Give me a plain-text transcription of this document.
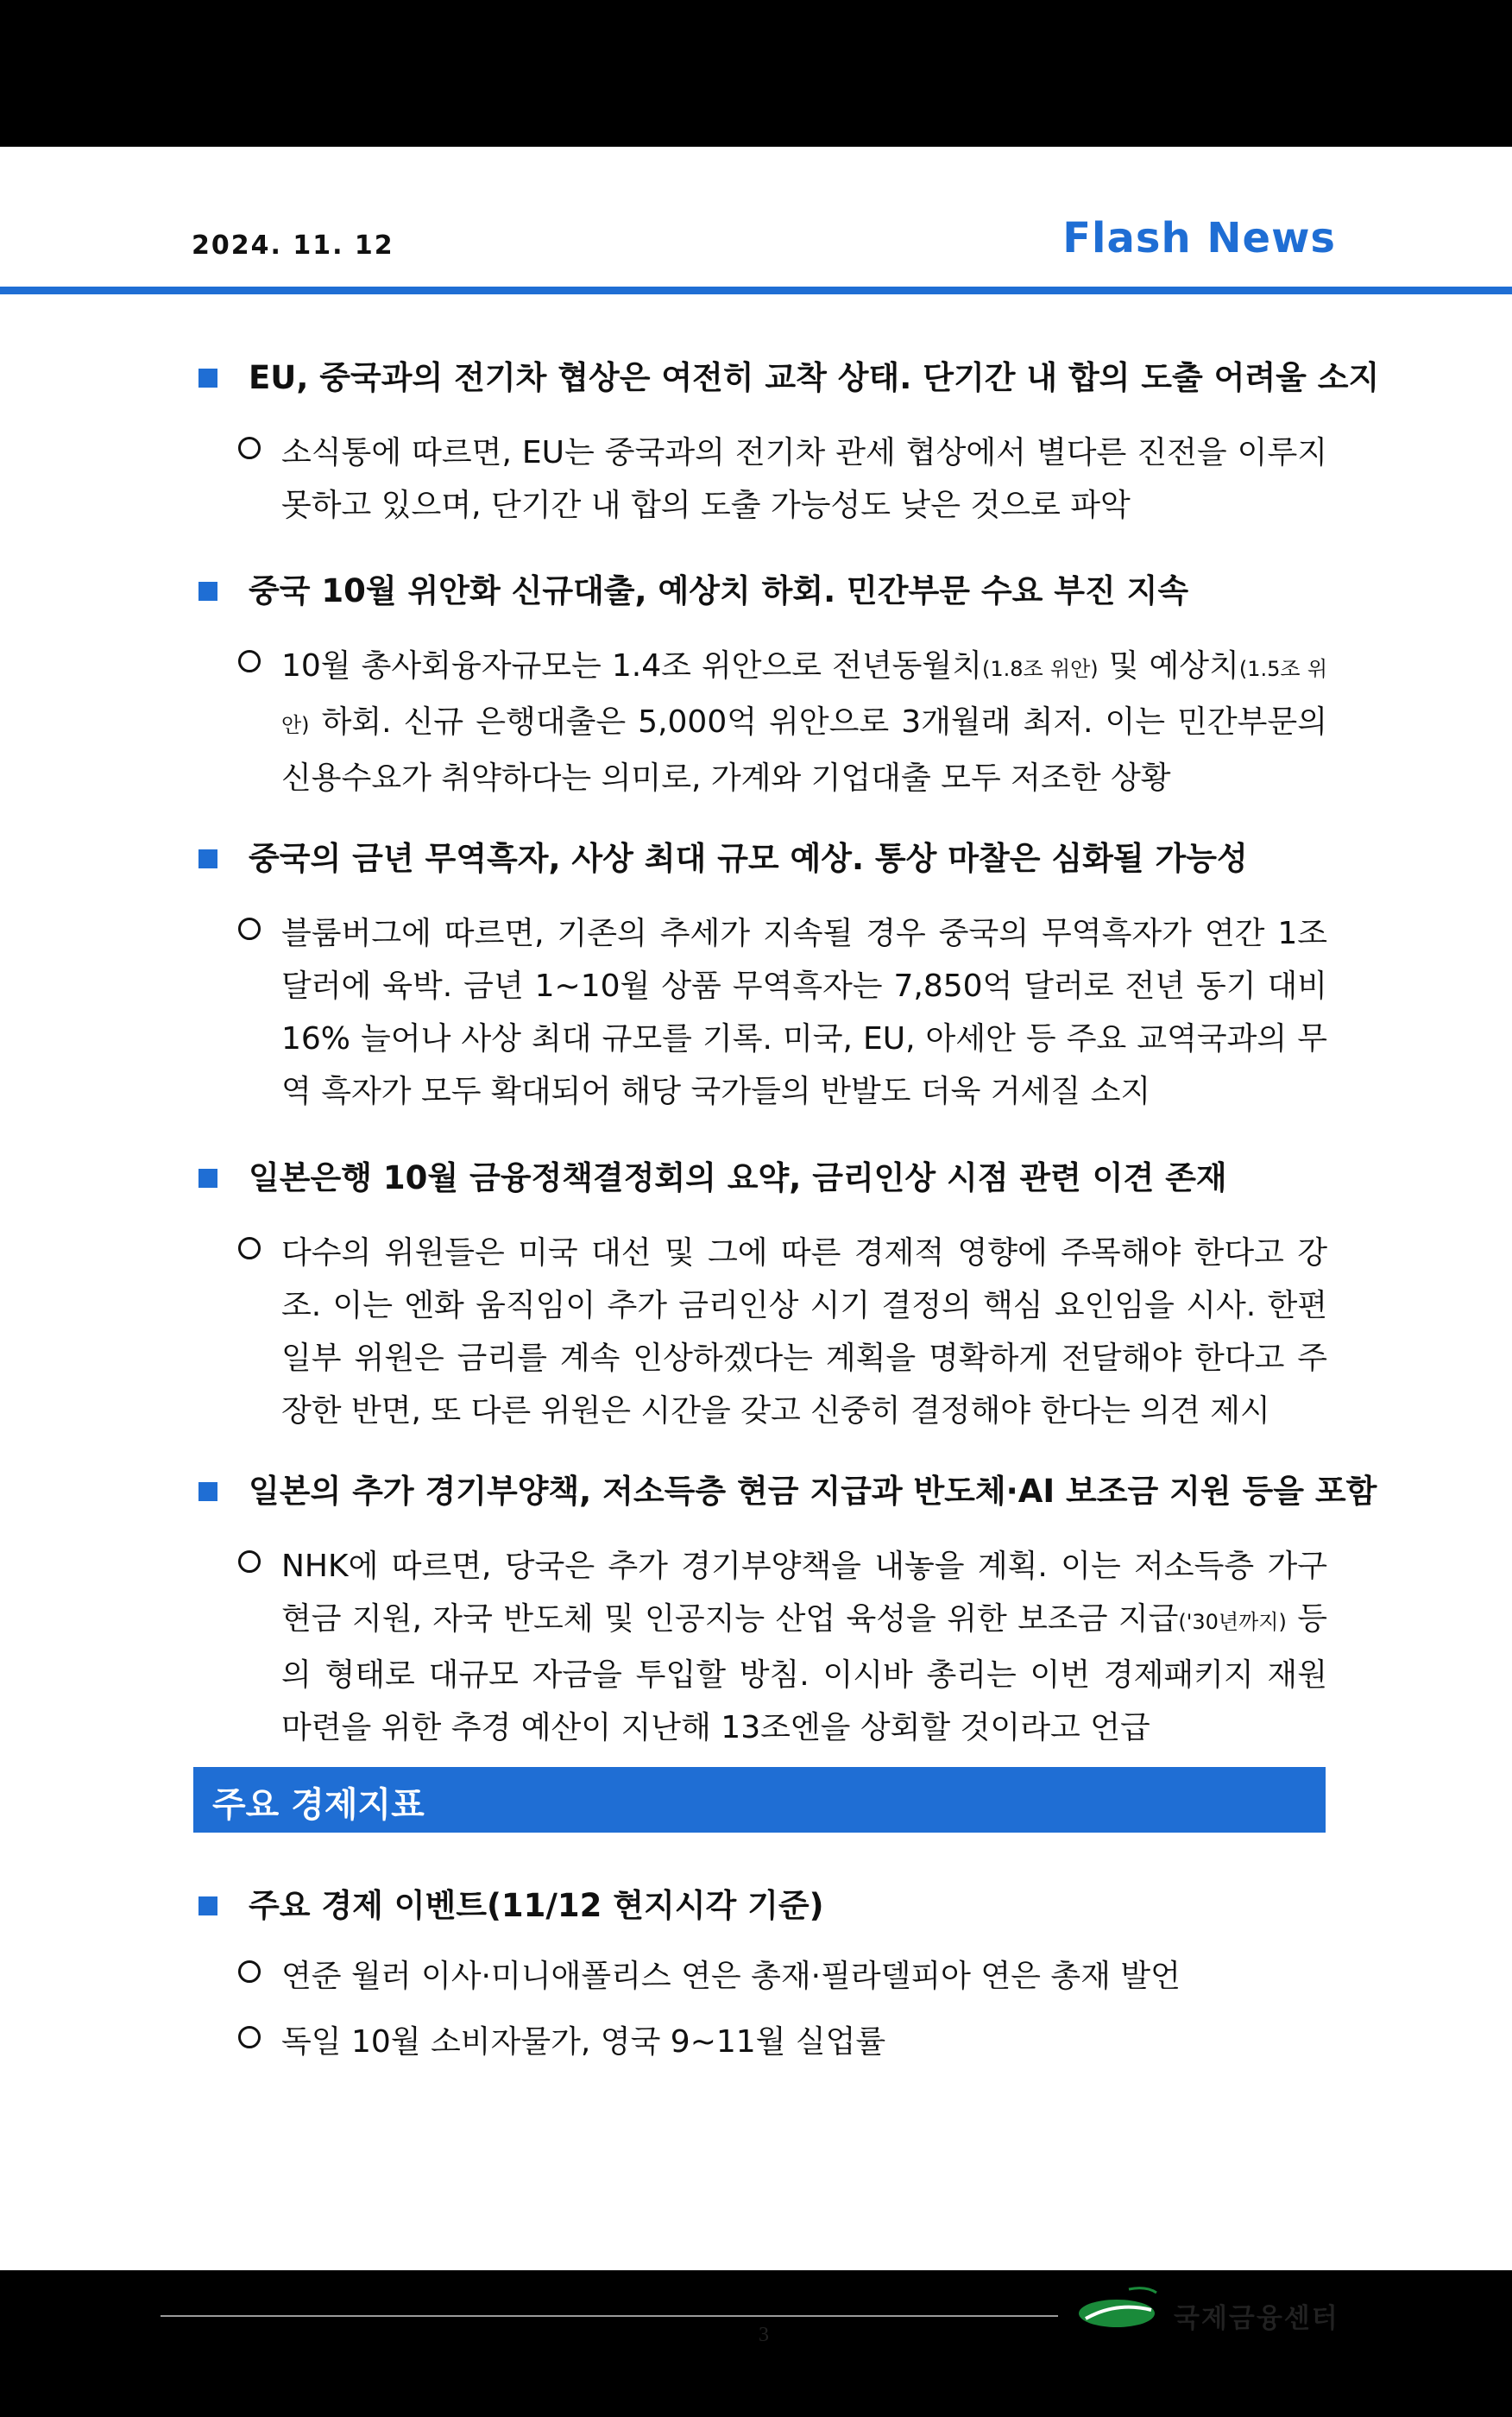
2024. 11. 12	Flash News
EU, 중국과의 전기차 협상은 여전히 교착 상태. 단기간 내 합의 도출 어려울 소지
소식통에 따르면, EU는 중국과의 전기차 관세 협상에서 별다른 진전을 이루지 못하고 있으며, 단기간 내 합의 도출 가능성도 낮은 것으로 파악
중국 10월 위안화 신규대출, 예상치 하회. 민간부문 수요 부진 지속
10월 총사회융자규모는 1.4조 위안으로 전년동월치(1.8조 위안) 및 예상치(1.5조 위안) 하회. 신규 은행대출은 5,000억 위안으로 3개월래 최저. 이는 민간부문의 신용수요가 취약하다는 의미로, 가계와 기업대출 모두 저조한 상황
중국의 금년 무역흑자, 사상 최대 규모 예상. 통상 마찰은 심화될 가능성
블룸버그에 따르면, 기존의 추세가 지속될 경우 중국의 무역흑자가 연간 1조 달러에 육박. 금년 1~10월 상품 무역흑자는 7,850억 달러로 전년 동기 대비 16% 늘어나 사상 최대 규모를 기록. 미국, EU, 아세안 등 주요 교역국과의 무역 흑자가 모두 확대되어 해당 국가들의 반발도 더욱 거세질 소지
일본은행 10월 금융정책결정회의 요약, 금리인상 시점 관련 이견 존재
다수의 위원들은 미국 대선 및 그에 따른 경제적 영향에 주목해야 한다고 강조. 이는 엔화 움직임이 추가 금리인상 시기 결정의 핵심 요인임을 시사. 한편 일부 위원은 금리를 계속 인상하겠다는 계획을 명확하게 전달해야 한다고 주장한 반면, 또 다른 위원은 시간을 갖고 신중히 결정해야 한다는 의견 제시
일본의 추가 경기부양책, 저소득층 현금 지급과 반도체·AI 보조금 지원 등을 포함
NHK에 따르면, 당국은 추가 경기부양책을 내놓을 계획. 이는 저소득층 가구 현금 지원, 자국 반도체 및 인공지능 산업 육성을 위한 보조금 지급('30년까지) 등의 형태로 대규모 자금을 투입할 방침. 이시바 총리는 이번 경제패키지 재원 마련을 위한 추경 예산이 지난해 13조엔을 상회할 것이라고 언급
주요 경제지표
주요 경제 이벤트(11/12 현지시각 기준)
연준 월러 이사·미니애폴리스 연은 총재·필라델피아 연은 총재 발언
독일 10월 소비자물가, 영국 9~11월 실업률
3
국제금융센터
